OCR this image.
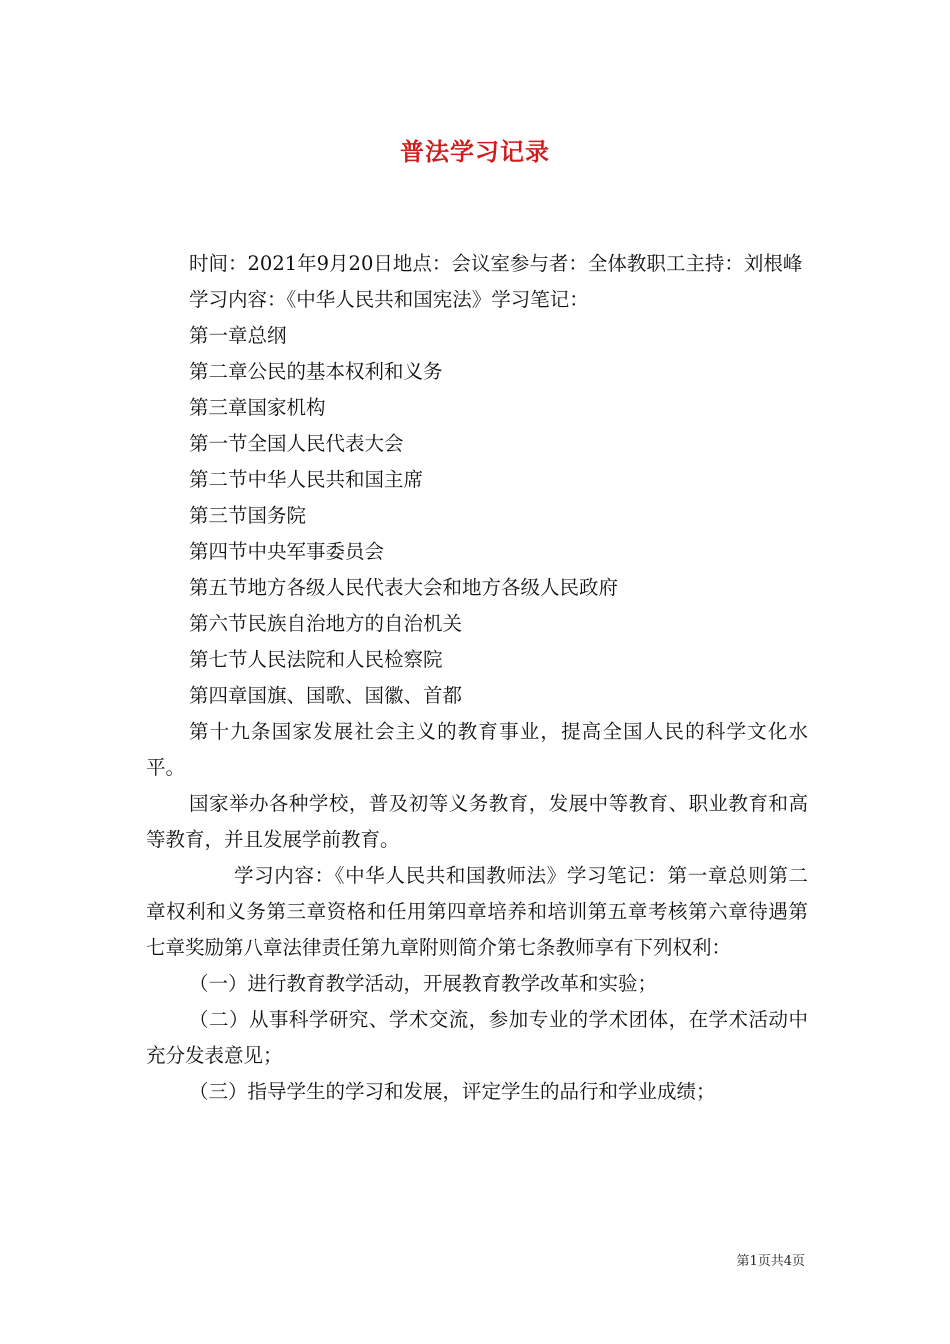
普法学习记录

时间：2021年9月20日地点：会议室参与者：全体教职工主持：刘根峰

学习内容：《中华人民共和国宪法》学习笔记：

第一章总纲

第二章公民的基本权利和义务

第三章国家机构

第一节全国人民代表大会

第二节中华人民共和国主席

第三节国务院

第四节中央军事委员会

第五节地方各级人民代表大会和地方各级人民政府

第六节民族自治地方的自治机关

第七节人民法院和人民检察院

第四章国旗、国歌、国徽、首都

第十九条国家发展社会主义的教育事业，提高全国人民的科学文化水平。

国家举办各种学校，普及初等义务教育，发展中等教育、职业教育和高等教育，并且发展学前教育。

学习内容：《中华人民共和国教师法》学习笔记：第一章总则第二章权利和义务第三章资格和任用第四章培养和培训第五章考核第六章待遇第七章奖励第八章法律责任第九章附则简介第七条教师享有下列权利：

（一）进行教育教学活动，开展教育教学改革和实验；

（二）从事科学研究、学术交流，参加专业的学术团体，在学术活动中充分发表意见；

（三）指导学生的学习和发展，评定学生的品行和学业成绩；

第1页共4页
